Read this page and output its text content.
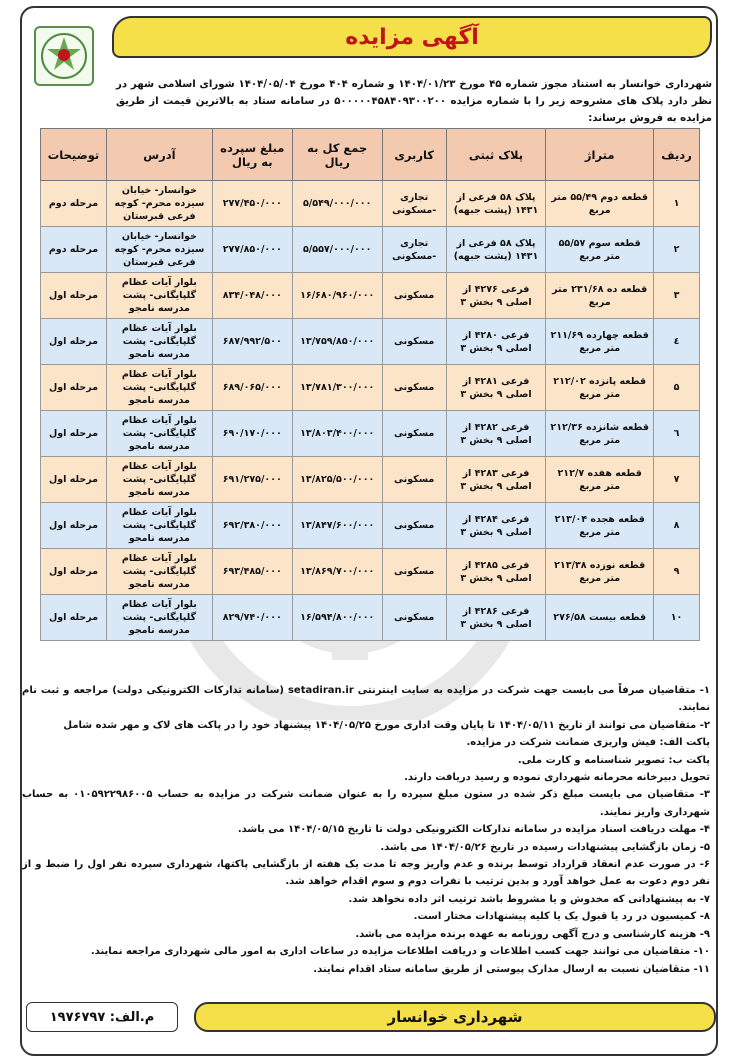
آگهی مزایده
شهرداری خوانسار به استناد مجوز شماره ۴۵ مورخ ۱۴۰۴/۰۱/۲۳ و شماره ۴۰۴ مورخ ۱۴۰۴/۰۵/۰۴ شورای اسلامی شهر در نظر دارد پلاک های مشروحه زیر را با شماره مزایده ۵۰۰۰۰۰۴۵۸۴۰۹۳۰۰۲۰۰ در سامانه ستاد به بالاترین قیمت از طریق مزایده به فروش برساند:
ردیف	متراژ	پلاک ثبتی	کاربری	جمع کل به ریال	مبلغ سپرده به ریال	آدرس	توضیحات
۱	قطعه دوم ۵۵/۴۹ متر مربع	پلاک ۵۸ فرعی از ۱۴۳۱ (پشت جبهه)	تجاری -مسکونی	۵/۵۴۹/۰۰۰/۰۰۰	۲۷۷/۴۵۰/۰۰۰	خوانسار- خیابان سیزده محرم- کوچه فرعی قبرستان	مرحله دوم
۲	قطعه سوم ۵۵/۵۷ متر مربع	پلاک ۵۸ فرعی از ۱۴۳۱ (پشت جبهه)	تجاری -مسکونی	۵/۵۵۷/۰۰۰/۰۰۰	۲۷۷/۸۵۰/۰۰۰	خوانسار- خیابان سیزده محرم- کوچه فرعی قبرستان	مرحله دوم
۳	قطعه ده ۲۳۱/۶۸ متر مربع	فرعی ۴۲۷۶ از اصلی ۹ بخش ۳	مسکونی	۱۶/۶۸۰/۹۶۰/۰۰۰	۸۳۴/۰۴۸/۰۰۰	بلوار آیات عظام گلپایگانی- پشت مدرسه نامجو	مرحله اول
٤	قطعه چهارده ۲۱۱/۶۹ متر مربع	فرعی ۴۲۸۰ از اصلی ۹ بخش ۳	مسکونی	۱۳/۷۵۹/۸۵۰/۰۰۰	۶۸۷/۹۹۲/۵۰۰	بلوار آیات عظام گلپایگانی- پشت مدرسه نامجو	مرحله اول
۵	قطعه پانزده ۲۱۲/۰۲ متر مربع	فرعی ۴۲۸۱ از اصلی ۹ بخش ۳	مسکونی	۱۳/۷۸۱/۳۰۰/۰۰۰	۶۸۹/۰۶۵/۰۰۰	بلوار آیات عظام گلپایگانی- پشت مدرسه نامجو	مرحله اول
٦	قطعه شانزده ۲۱۲/۳۶ متر مربع	فرعی ۴۲۸۲ از اصلی ۹ بخش ۳	مسکونی	۱۳/۸۰۳/۴۰۰/۰۰۰	۶۹۰/۱۷۰/۰۰۰	بلوار آیات عظام گلپایگانی- پشت مدرسه نامجو	مرحله اول
۷	قطعه هفده ۲۱۲/۷ متر مربع	فرعی ۴۲۸۳ از اصلی ۹ بخش ۳	مسکونی	۱۳/۸۲۵/۵۰۰/۰۰۰	۶۹۱/۲۷۵/۰۰۰	بلوار آیات عظام گلپایگانی- پشت مدرسه نامجو	مرحله اول
۸	قطعه هجده ۲۱۳/۰۴ متر مربع	فرعی ۴۲۸۴ از اصلی ۹ بخش ۳	مسکونی	۱۳/۸۴۷/۶۰۰/۰۰۰	۶۹۲/۳۸۰/۰۰۰	بلوار آیات عظام گلپایگانی- پشت مدرسه نامجو	مرحله اول
۹	قطعه نوزده ۲۱۳/۳۸ متر مربع	فرعی ۴۲۸۵ از اصلی ۹ بخش ۳	مسکونی	۱۳/۸۶۹/۷۰۰/۰۰۰	۶۹۳/۴۸۵/۰۰۰	بلوار آیات عظام گلپایگانی- پشت مدرسه نامجو	مرحله اول
۱۰	قطعه بیست ۲۷۶/۵۸	فرعی ۴۲۸۶ از اصلی ۹ بخش ۳	مسکونی	۱۶/۵۹۴/۸۰۰/۰۰۰	۸۲۹/۷۴۰/۰۰۰	بلوار آیات عظام گلپایگانی- پشت مدرسه نامجو	مرحله اول

۱- متقاضیان صرفاً می بایست جهت شرکت در مزایده به سایت اینترنتی setadiran.ir (سامانه تدارکات الکترونیکی دولت) مراجعه و ثبت نام نمایند.

۲- متقاضیان می توانند از تاریخ ۱۴۰۴/۰۵/۱۱ تا پایان وقت اداری مورخ ۱۴۰۴/۰۵/۲۵ پیشنهاد خود را در پاکت های لاک و مهر شده شامل

پاکت الف: فیش واریزی ضمانت شرکت در مزایده.

پاکت ب: تصویر شناسنامه و کارت ملی.

تحویل دبیرخانه محرمانه شهرداری نموده و رسید دریافت دارند.

۳- متقاضیان می بایست مبلغ ذکر شده در ستون مبلغ سپرده را به عنوان ضمانت شرکت در مزایده به حساب ۰۱۰۵۹۲۲۹۸۶۰۰۵ به حساب شهرداری واریز نمایند.

۴- مهلت دریافت اسناد مزایده در سامانه تدارکات الکترونیکی دولت تا تاریخ ۱۴۰۴/۰۵/۱۵ می باشد.

۵- زمان بازگشایی پیشنهادات رسیده در تاریخ ۱۴۰۴/۰۵/۲۶ می باشد.

۶- در صورت عدم انعقاد قرارداد توسط برنده و عدم واریز وجه تا مدت یک هفته از بازگشایی پاکتها، شهرداری سپرده نفر اول را ضبط و از نفر دوم دعوت به عمل خواهد آورد و بدین ترتیب با نفرات دوم و سوم اقدام خواهد شد.

۷- به پیشنهاداتی که مخدوش و یا مشروط باشد ترتیب اثر داده نخواهد شد.

۸- کمیسیون در رد یا قبول یک یا کلیه پیشنهادات مختار است.

۹- هزینه کارشناسی و درج آگهی روزنامه به عهده برنده مزایده می باشد.

۱۰- متقاضیان می توانند جهت کسب اطلاعات و دریافت اطلاعات مزایده در ساعات اداری به امور مالی شهرداری مراجعه نمایند.

۱۱- متقاضیان نسبت به ارسال مدارک پیوستی از طریق سامانه ستاد اقدام نمایند.

م.الف: ۱۹۷۶۷۹۷	شهرداری خوانسار
